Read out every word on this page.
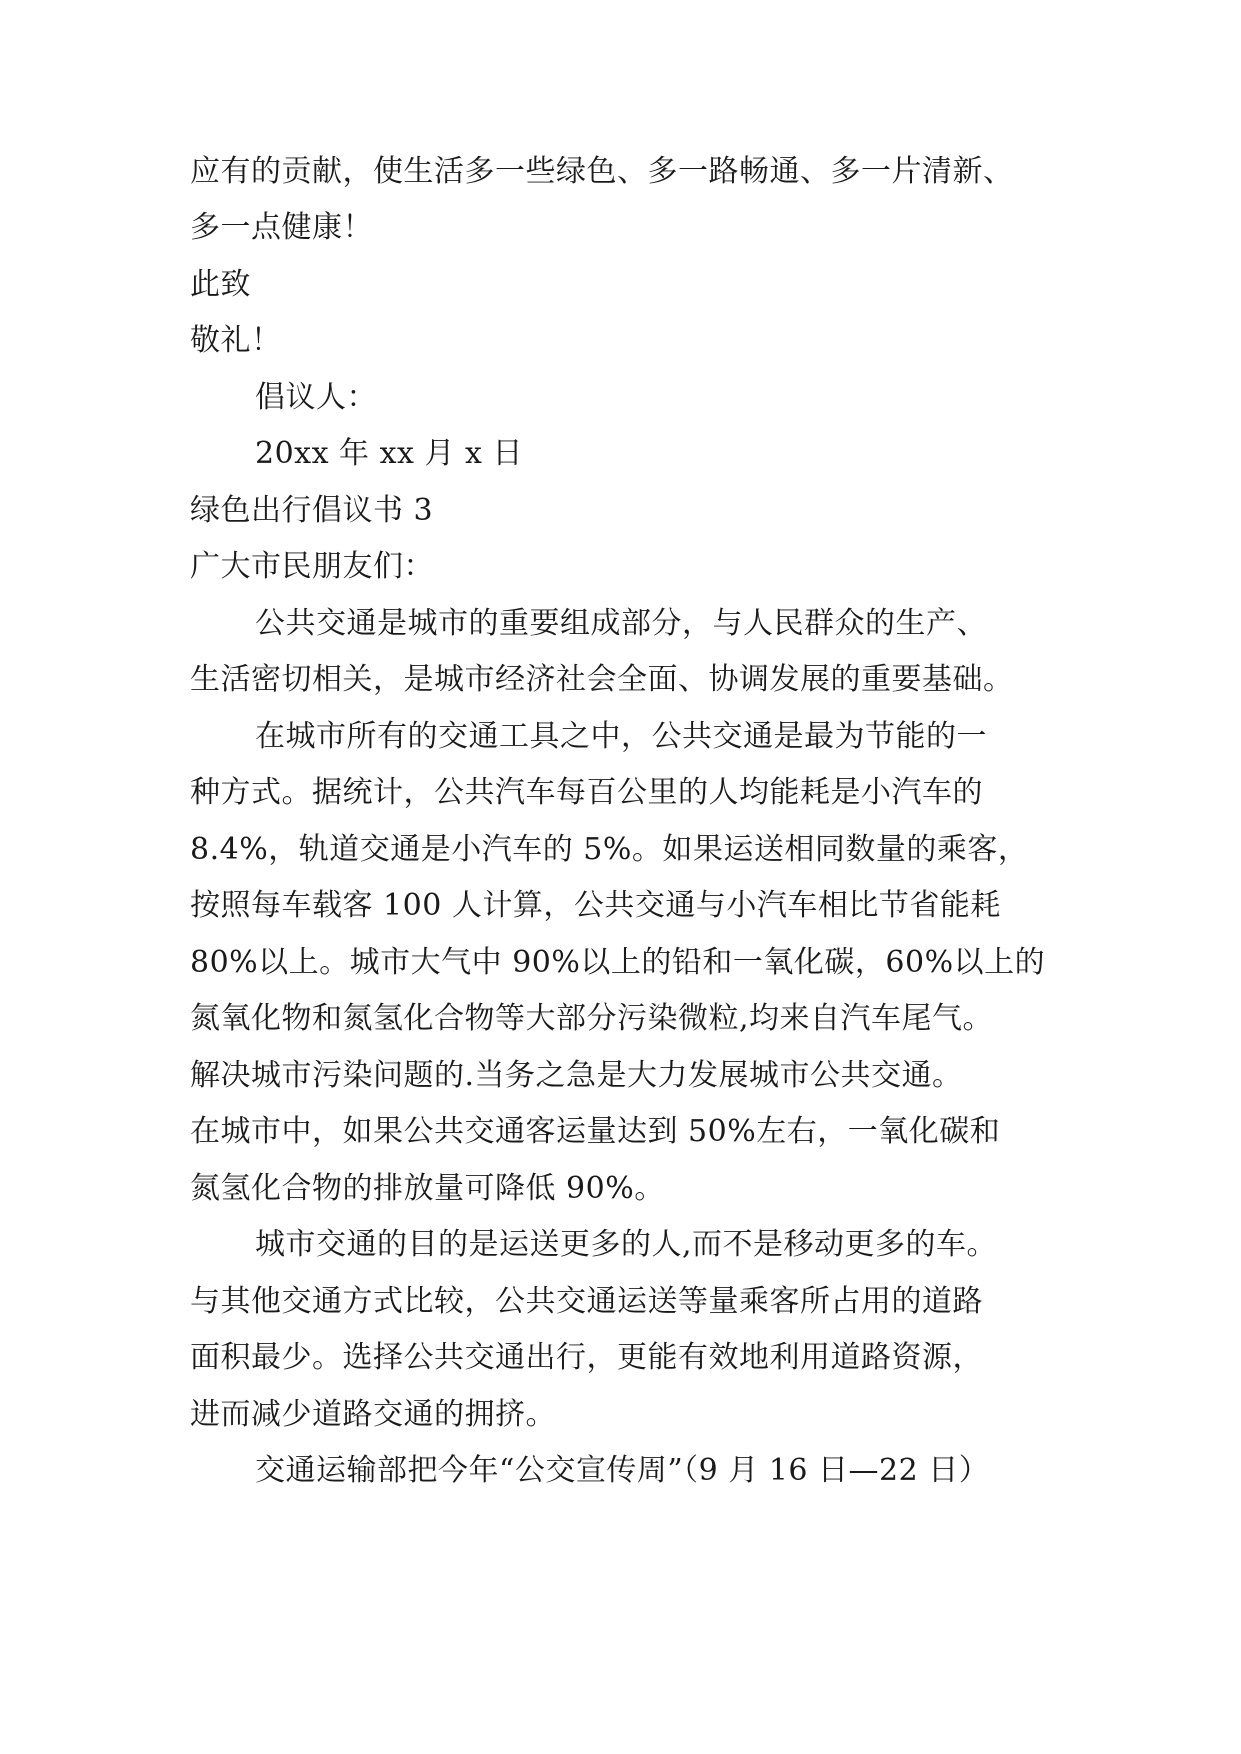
应有的贡献，使生活多一些绿色、多一路畅通、多一片清新、
多一点健康！
此致
敬礼！
倡议人：
20xx 年 xx 月 x 日
绿色出行倡议书 3
广大市民朋友们：
公共交通是城市的重要组成部分，与人民群众的生产、
生活密切相关，是城市经济社会全面、协调发展的重要基础。
在城市所有的交通工具之中，公共交通是最为节能的一
种方式。据统计，公共汽车每百公里的人均能耗是小汽车的
8.4%，轨道交通是小汽车的 5%。如果运送相同数量的乘客，
按照每车载客 100 人计算，公共交通与小汽车相比节省能耗
80%以上。城市大气中 90%以上的铅和一氧化碳，60%以上的
氮氧化物和氮氢化合物等大部分污染微粒,均来自汽车尾气。
解决城市污染问题的.当务之急是大力发展城市公共交通。
在城市中，如果公共交通客运量达到 50%左右，一氧化碳和
氮氢化合物的排放量可降低 90%。
城市交通的目的是运送更多的人,而不是移动更多的车。
与其他交通方式比较，公共交通运送等量乘客所占用的道路
面积最少。选择公共交通出行，更能有效地利用道路资源，
进而减少道路交通的拥挤。
交通运输部把今年“公交宣传周”（9 月 16 日—22 日）
